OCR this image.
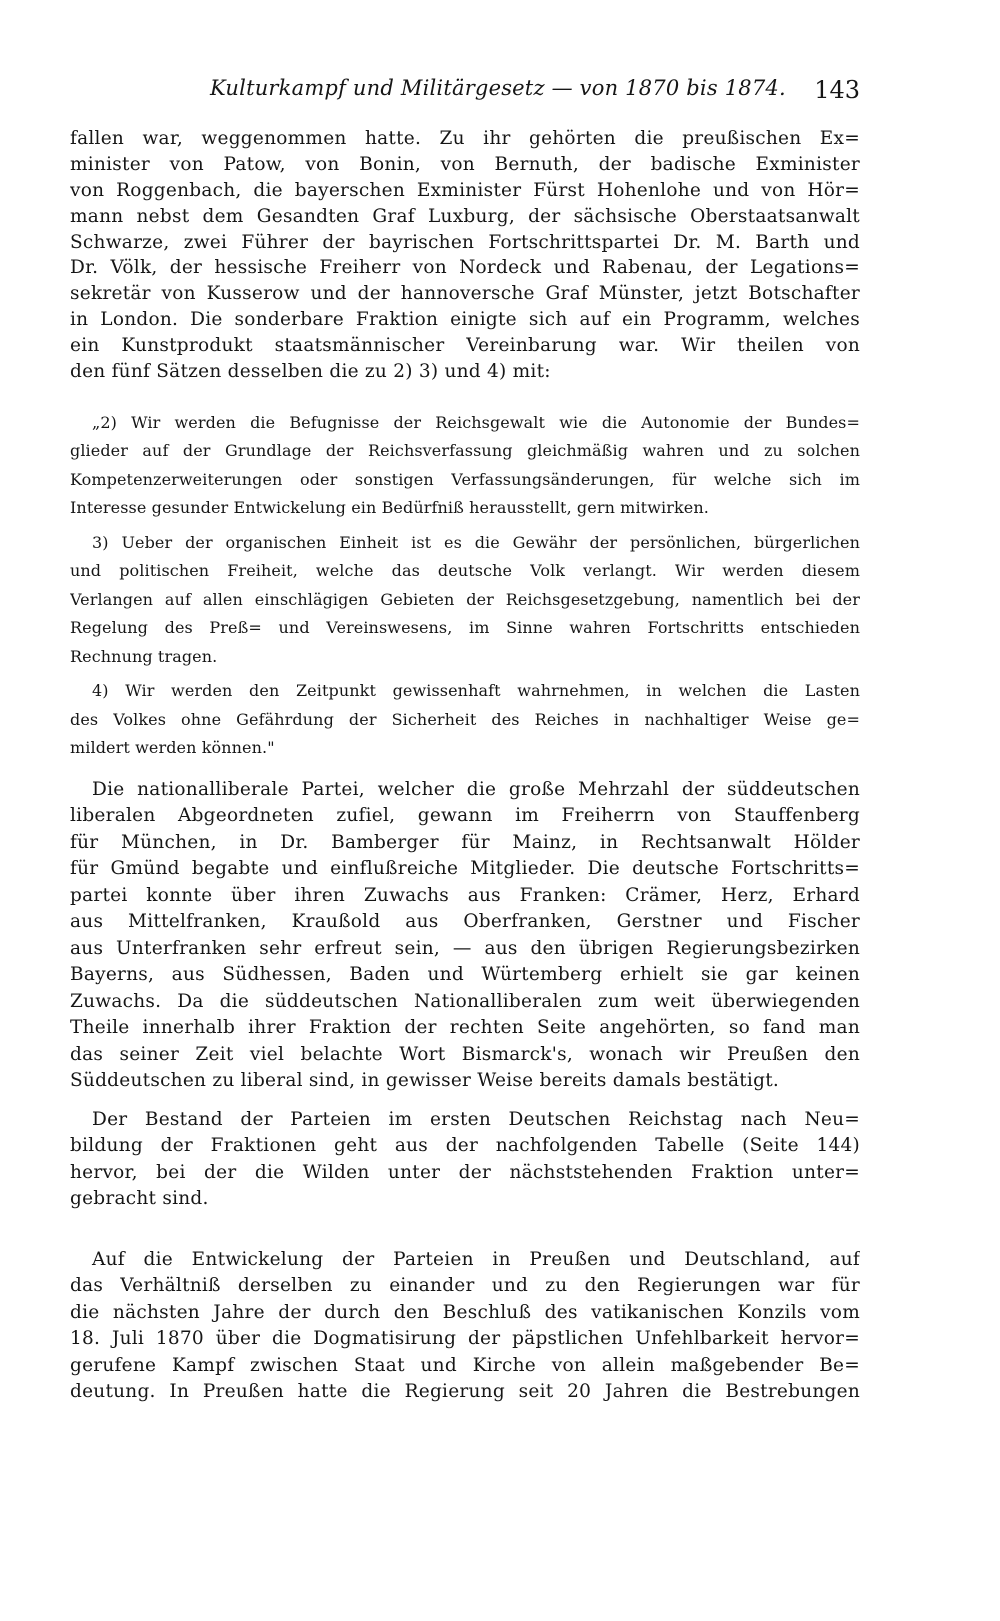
Kulturkampf und Militärgesetz — von 1870 bis 1874. 143
fallen war, weggenommen hatte. Zu ihr gehörten die preußischen Ex=
minister von Patow, von Bonin, von Bernuth, der badische Exminister
von Roggenbach, die bayerschen Exminister Fürst Hohenlohe und von Hör=
mann nebst dem Gesandten Graf Luxburg, der sächsische Oberstaatsanwalt
Schwarze, zwei Führer der bayrischen Fortschrittspartei Dr. M. Barth und
Dr. Völk, der hessische Freiherr von Nordeck und Rabenau, der Legations=
sekretär von Kusserow und der hannoversche Graf Münster, jetzt Botschafter
in London. Die sonderbare Fraktion einigte sich auf ein Programm, welches
ein Kunstprodukt staatsmännischer Vereinbarung war. Wir theilen von
den fünf Sätzen desselben die zu 2) 3) und 4) mit:
„2) Wir werden die Befugnisse der Reichsgewalt wie die Autonomie der Bundes=
glieder auf der Grundlage der Reichsverfassung gleichmäßig wahren und zu solchen
Kompetenzerweiterungen oder sonstigen Verfassungsänderungen, für welche sich im
Interesse gesunder Entwickelung ein Bedürfniß herausstellt, gern mitwirken.
3) Ueber der organischen Einheit ist es die Gewähr der persönlichen, bürgerlichen
und politischen Freiheit, welche das deutsche Volk verlangt. Wir werden diesem
Verlangen auf allen einschlägigen Gebieten der Reichsgesetzgebung, namentlich bei der
Regelung des Preß= und Vereinswesens, im Sinne wahren Fortschritts entschieden
Rechnung tragen.
4) Wir werden den Zeitpunkt gewissenhaft wahrnehmen, in welchen die Lasten
des Volkes ohne Gefährdung der Sicherheit des Reiches in nachhaltiger Weise ge=
mildert werden können."
Die nationalliberale Partei, welcher die große Mehrzahl der süddeutschen
liberalen Abgeordneten zufiel, gewann im Freiherrn von Stauffenberg
für München, in Dr. Bamberger für Mainz, in Rechtsanwalt Hölder
für Gmünd begabte und einflußreiche Mitglieder. Die deutsche Fortschritts=
partei konnte über ihren Zuwachs aus Franken: Crämer, Herz, Erhard
aus Mittelfranken, Kraußold aus Oberfranken, Gerstner und Fischer
aus Unterfranken sehr erfreut sein, — aus den übrigen Regierungsbezirken
Bayerns, aus Südhessen, Baden und Würtemberg erhielt sie gar keinen
Zuwachs. Da die süddeutschen Nationalliberalen zum weit überwiegenden
Theile innerhalb ihrer Fraktion der rechten Seite angehörten, so fand man
das seiner Zeit viel belachte Wort Bismarck's, wonach wir Preußen den
Süddeutschen zu liberal sind, in gewisser Weise bereits damals bestätigt.
Der Bestand der Parteien im ersten Deutschen Reichstag nach Neu=
bildung der Fraktionen geht aus der nachfolgenden Tabelle (Seite 144)
hervor, bei der die Wilden unter der nächststehenden Fraktion unter=
gebracht sind.
Auf die Entwickelung der Parteien in Preußen und Deutschland, auf
das Verhältniß derselben zu einander und zu den Regierungen war für
die nächsten Jahre der durch den Beschluß des vatikanischen Konzils vom
18. Juli 1870 über die Dogmatisirung der päpstlichen Unfehlbarkeit hervor=
gerufene Kampf zwischen Staat und Kirche von allein maßgebender Be=
deutung. In Preußen hatte die Regierung seit 20 Jahren die Bestrebungen
